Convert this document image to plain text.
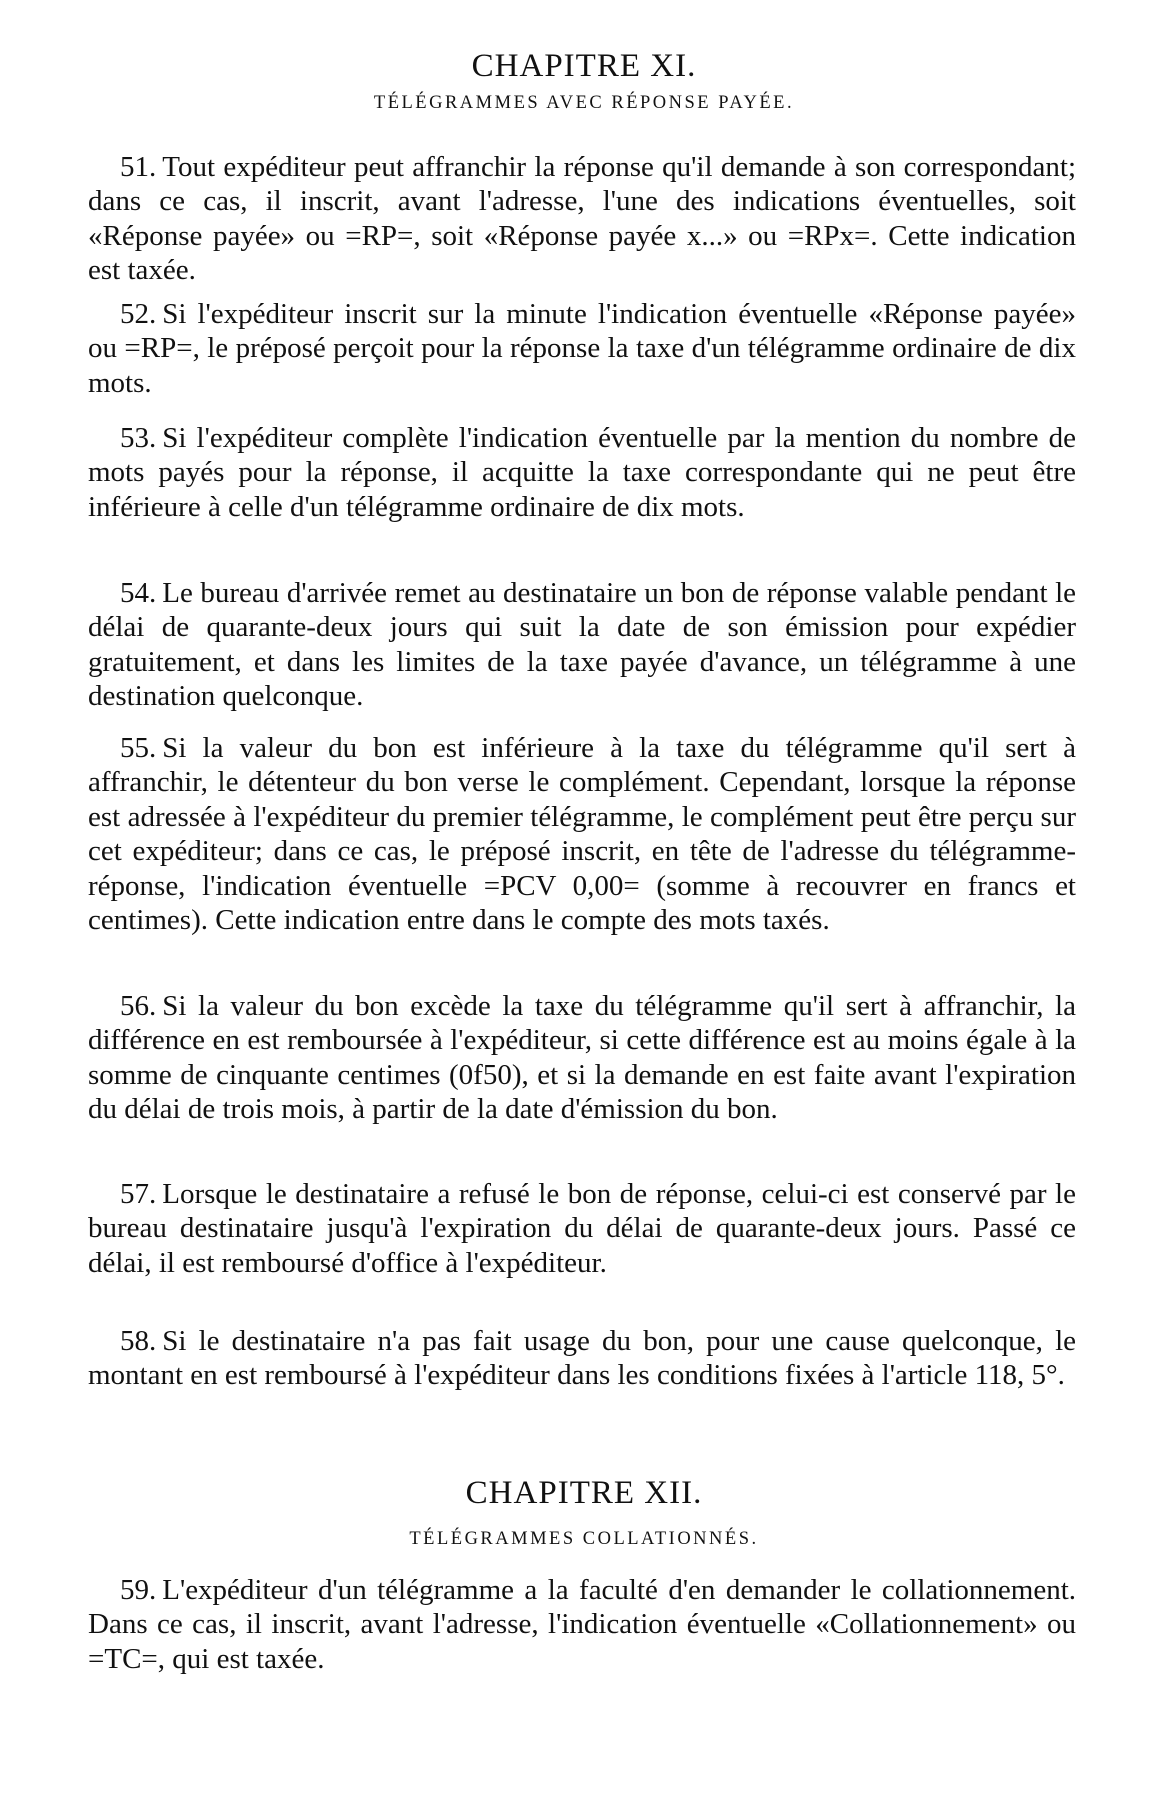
CHAPITRE XI.
TÉLÉGRAMMES AVEC RÉPONSE PAYÉE.

51. Tout expéditeur peut affranchir la réponse qu'il demande à son correspondant; dans ce cas, il inscrit, avant l'adresse, l'une des indications éventuelles, soit «Réponse payée» ou =RP=, soit «Réponse payée x...» ou =RPx=. Cette indication est taxée.

52. Si l'expéditeur inscrit sur la minute l'indication éventuelle «Réponse payée» ou =RP=, le préposé perçoit pour la réponse la taxe d'un télégramme ordinaire de dix mots.

53. Si l'expéditeur complète l'indication éventuelle par la mention du nombre de mots payés pour la réponse, il acquitte la taxe correspondante qui ne peut être inférieure à celle d'un télégramme ordinaire de dix mots.

54. Le bureau d'arrivée remet au destinataire un bon de réponse valable pendant le délai de quarante-deux jours qui suit la date de son émission pour expédier gratuitement, et dans les limites de la taxe payée d'avance, un télégramme à une destination quelconque.

55. Si la valeur du bon est inférieure à la taxe du télégramme qu'il sert à affranchir, le détenteur du bon verse le complément. Cependant, lorsque la réponse est adressée à l'expéditeur du premier télégramme, le complément peut être perçu sur cet expéditeur; dans ce cas, le préposé inscrit, en tête de l'adresse du télégramme-réponse, l'indication éventuelle =PCV 0,00= (somme à recouvrer en francs et centimes). Cette indication entre dans le compte des mots taxés.

56. Si la valeur du bon excède la taxe du télégramme qu'il sert à affranchir, la différence en est remboursée à l'expéditeur, si cette différence est au moins égale à la somme de cinquante centimes (0f50), et si la demande en est faite avant l'expiration du délai de trois mois, à partir de la date d'émission du bon.

57. Lorsque le destinataire a refusé le bon de réponse, celui-ci est conservé par le bureau destinataire jusqu'à l'expiration du délai de quarante-deux jours. Passé ce délai, il est remboursé d'office à l'expéditeur.

58. Si le destinataire n'a pas fait usage du bon, pour une cause quelconque, le montant en est remboursé à l'expéditeur dans les conditions fixées à l'article 118, 5°.

CHAPITRE XII.
TÉLÉGRAMMES COLLATIONNÉS.

59. L'expéditeur d'un télégramme a la faculté d'en demander le collationnement. Dans ce cas, il inscrit, avant l'adresse, l'indication éventuelle «Collationnement» ou =TC=, qui est taxée.
